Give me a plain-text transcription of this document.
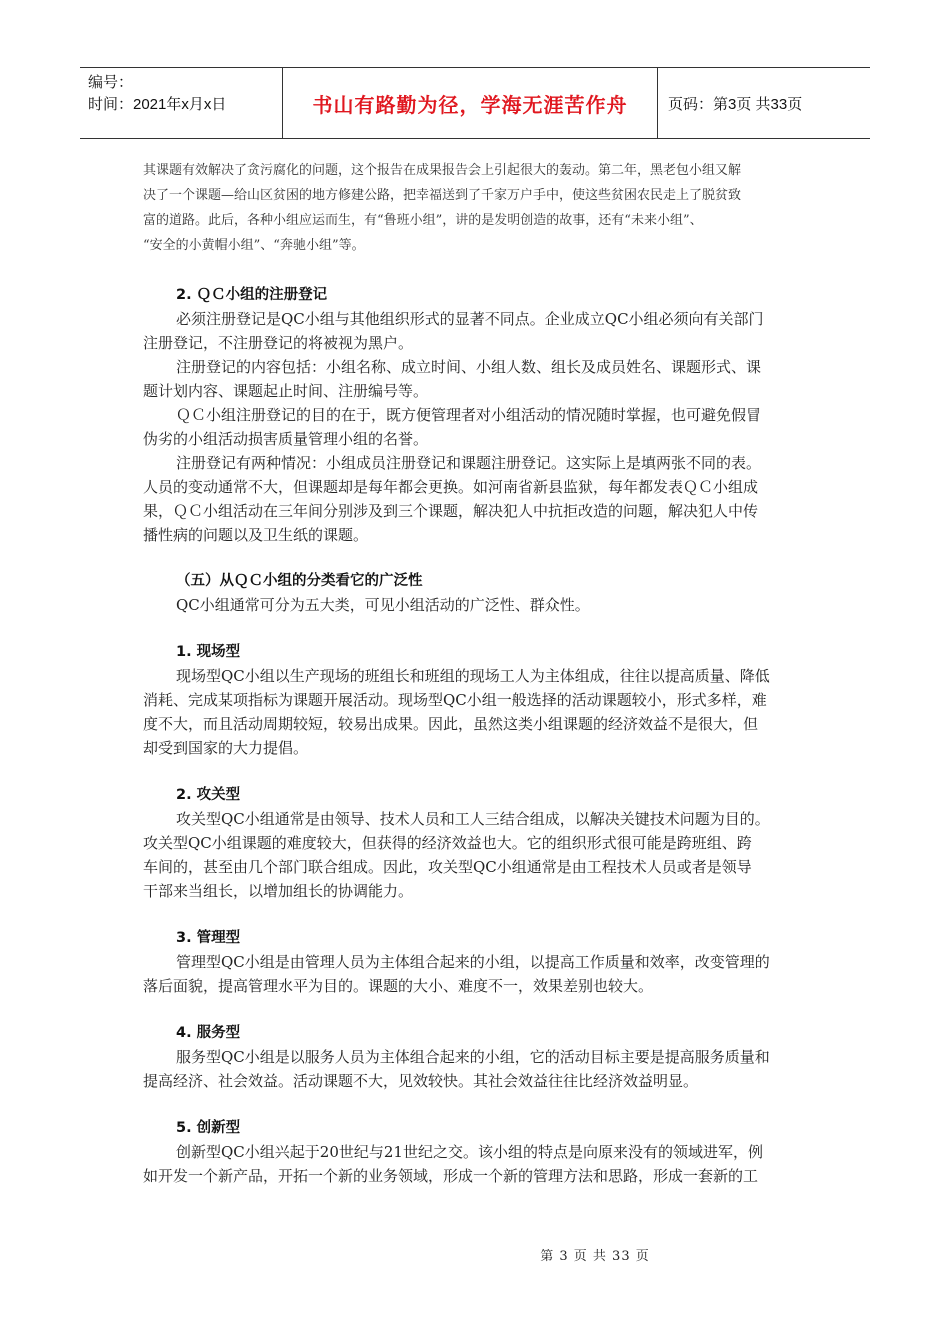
编号：
时间：2021年x月x日	书山有路勤为径，学海无涯苦作舟	页码：第3页 共33页

其课题有效解决了贪污腐化的问题，这个报告在成果报告会上引起很大的轰动。第二年，黑老包小组又解
决了一个课题—给山区贫困的地方修建公路，把幸福送到了千家万户手中，使这些贫困农民走上了脱贫致
富的道路。此后，各种小组应运而生，有“鲁班小组”，讲的是发明创造的故事，还有“未来小组”、
“安全的小黄帽小组”、“奔驰小组”等。

2. ＱＣ小组的注册登记

必须注册登记是QC小组与其他组织形式的显著不同点。企业成立QC小组必须向有关部门
注册登记，不注册登记的将被视为黑户。

注册登记的内容包括：小组名称、成立时间、小组人数、组长及成员姓名、课题形式、课
题计划内容、课题起止时间、注册编号等。

ＱＣ小组注册登记的目的在于，既方便管理者对小组活动的情况随时掌握，也可避免假冒
伪劣的小组活动损害质量管理小组的名誉。

注册登记有两种情况：小组成员注册登记和课题注册登记。这实际上是填两张不同的表。
人员的变动通常不大，但课题却是每年都会更换。如河南省新县监狱，每年都发表ＱＣ小组成
果，ＱＣ小组活动在三年间分别涉及到三个课题，解决犯人中抗拒改造的问题，解决犯人中传
播性病的问题以及卫生纸的课题。

（五）从ＱＣ小组的分类看它的广泛性

QC小组通常可分为五大类，可见小组活动的广泛性、群众性。

1. 现场型

现场型QC小组以生产现场的班组长和班组的现场工人为主体组成，往往以提高质量、降低
消耗、完成某项指标为课题开展活动。现场型QC小组一般选择的活动课题较小，形式多样，难
度不大，而且活动周期较短，较易出成果。因此，虽然这类小组课题的经济效益不是很大，但
却受到国家的大力提倡。

2. 攻关型

攻关型QC小组通常是由领导、技术人员和工人三结合组成，以解决关键技术问题为目的。
攻关型QC小组课题的难度较大，但获得的经济效益也大。它的组织形式很可能是跨班组、跨
车间的，甚至由几个部门联合组成。因此，攻关型QC小组通常是由工程技术人员或者是领导
干部来当组长，以增加组长的协调能力。

3. 管理型

管理型QC小组是由管理人员为主体组合起来的小组，以提高工作质量和效率，改变管理的
落后面貌，提高管理水平为目的。课题的大小、难度不一，效果差别也较大。

4. 服务型

服务型QC小组是以服务人员为主体组合起来的小组，它的活动目标主要是提高服务质量和
提高经济、社会效益。活动课题不大，见效较快。其社会效益往往比经济效益明显。

5. 创新型

创新型QC小组兴起于20世纪与21世纪之交。该小组的特点是向原来没有的领域进军，例
如开发一个新产品，开拓一个新的业务领域，形成一个新的管理方法和思路，形成一套新的工

第 3 页 共 33 页
